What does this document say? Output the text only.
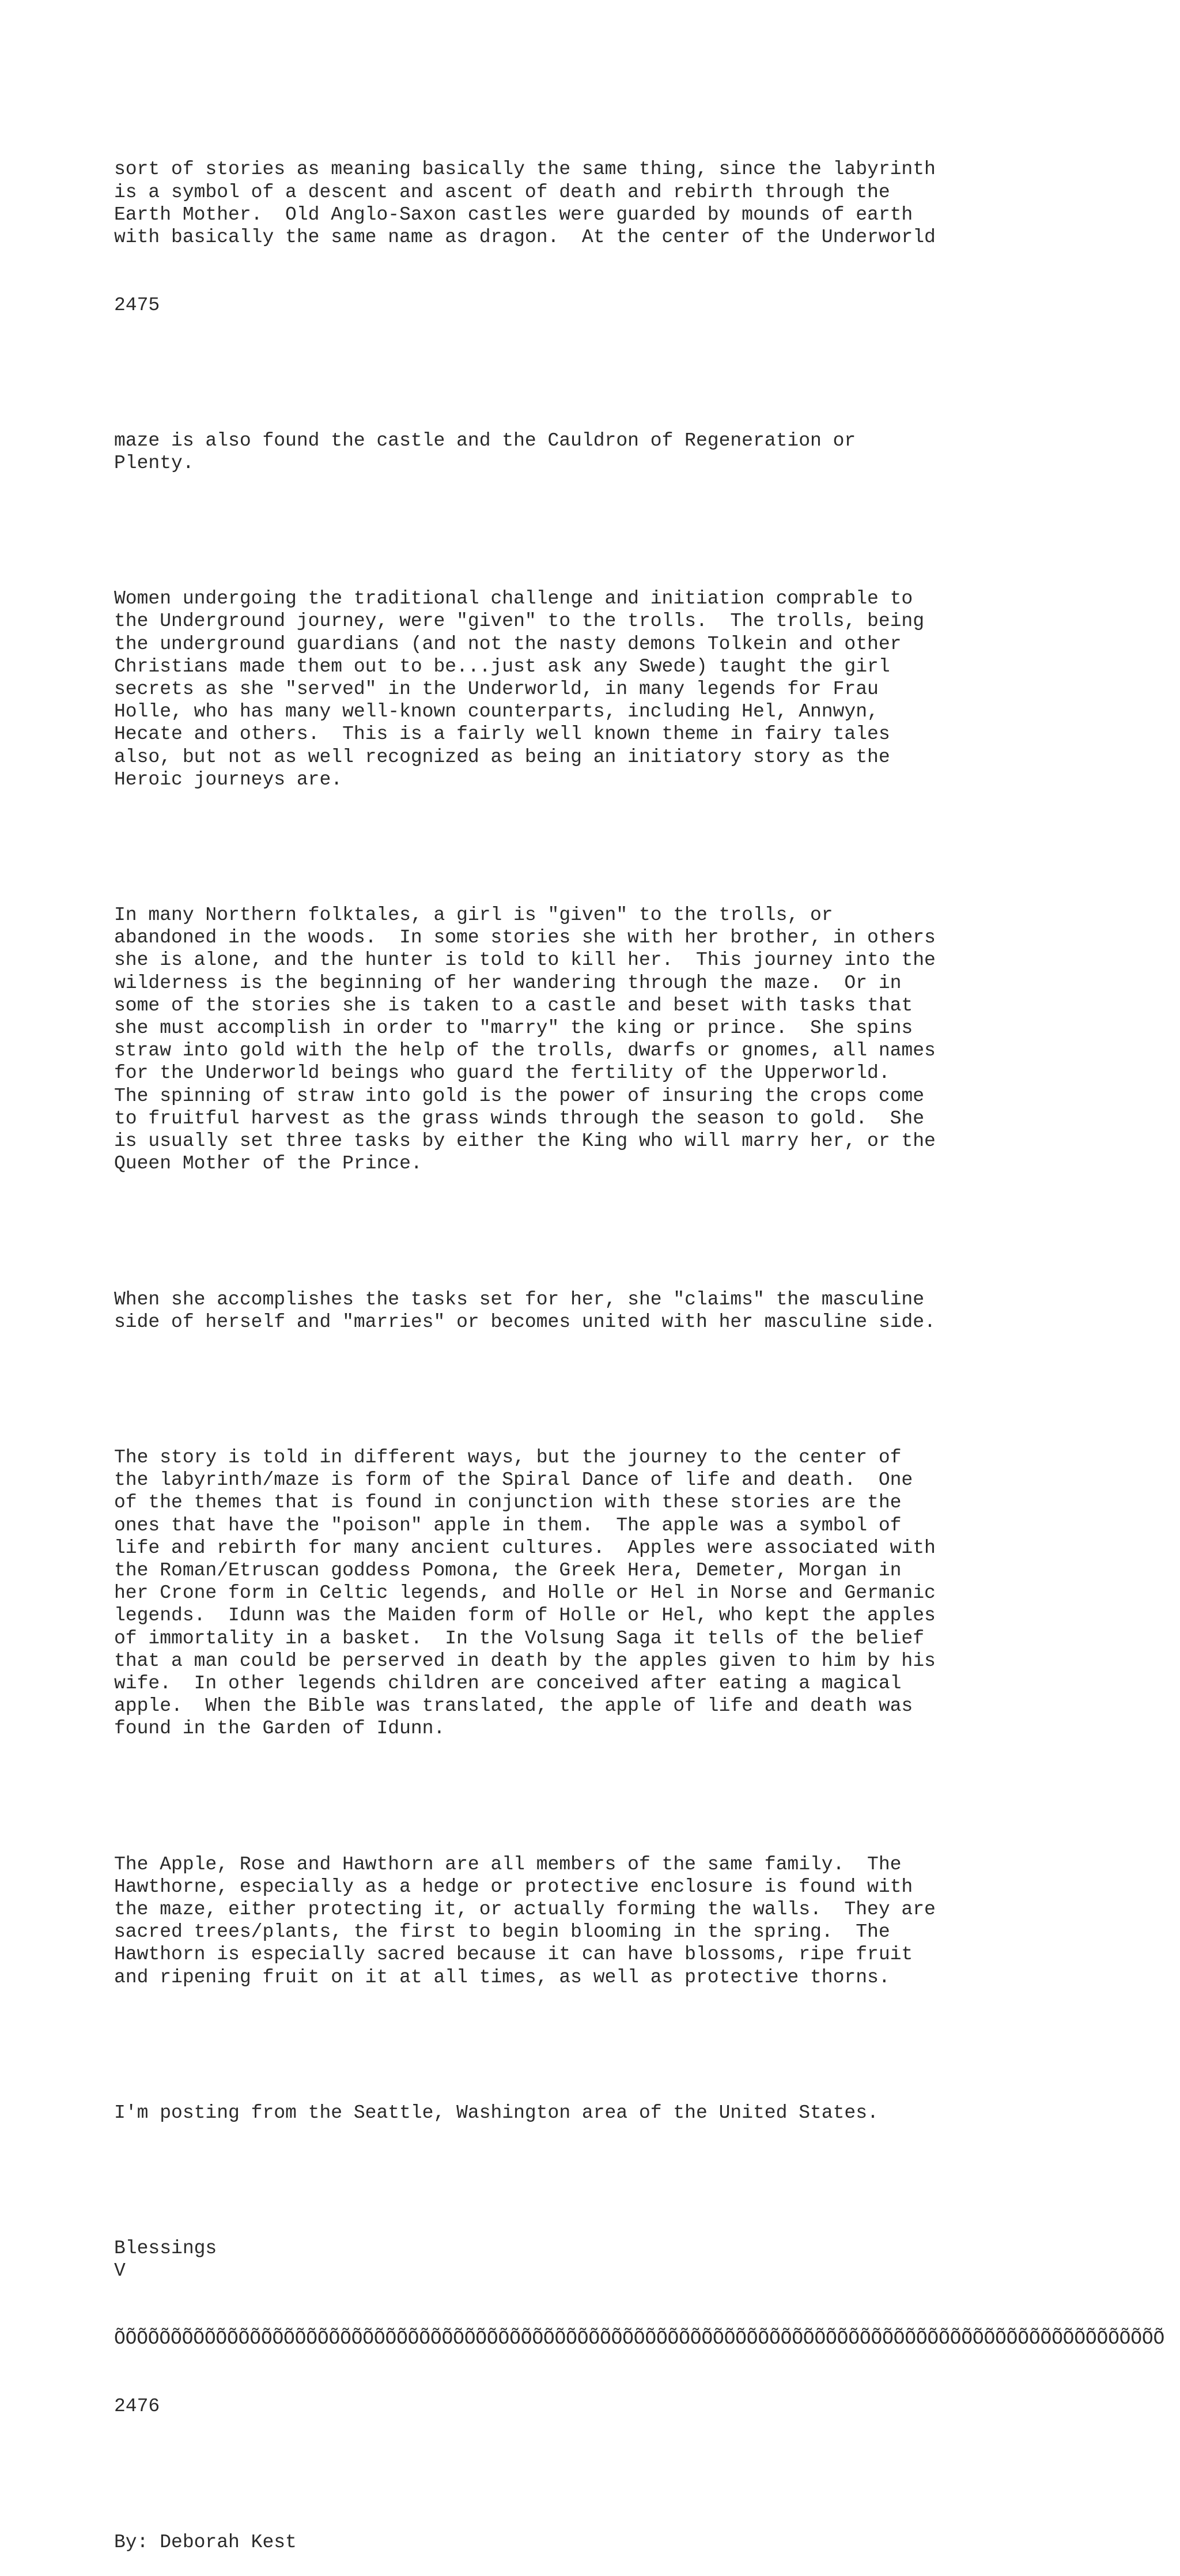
sort of stories as meaning basically the same thing, since the labyrinth
is a symbol of a descent and ascent of death and rebirth through the
Earth Mother.  Old Anglo-Saxon castles were guarded by mounds of earth
with basically the same name as dragon.  At the center of the Underworld

2475

maze is also found the castle and the Cauldron of Regeneration or
Plenty.

Women undergoing the traditional challenge and initiation comprable to
the Underground journey, were "given" to the trolls.  The trolls, being
the underground guardians (and not the nasty demons Tolkein and other
Christians made them out to be...just ask any Swede) taught the girl
secrets as she "served" in the Underworld, in many legends for Frau
Holle, who has many well-known counterparts, including Hel, Annwyn,
Hecate and others.  This is a fairly well known theme in fairy tales
also, but not as well recognized as being an initiatory story as the
Heroic journeys are.

In many Northern folktales, a girl is "given" to the trolls, or
abandoned in the woods.  In some stories she with her brother, in others
she is alone, and the hunter is told to kill her.  This journey into the
wilderness is the beginning of her wandering through the maze.  Or in
some of the stories she is taken to a castle and beset with tasks that
she must accomplish in order to "marry" the king or prince.  She spins
straw into gold with the help of the trolls, dwarfs or gnomes, all names
for the Underworld beings who guard the fertility of the Upperworld.
The spinning of straw into gold is the power of insuring the crops come
to fruitful harvest as the grass winds through the season to gold.  She
is usually set three tasks by either the King who will marry her, or the
Queen Mother of the Prince.

When she accomplishes the tasks set for her, she "claims" the masculine
side of herself and "marries" or becomes united with her masculine side.

The story is told in different ways, but the journey to the center of
the labyrinth/maze is form of the Spiral Dance of life and death.  One
of the themes that is found in conjunction with these stories are the
ones that have the "poison" apple in them.  The apple was a symbol of
life and rebirth for many ancient cultures.  Apples were associated with
the Roman/Etruscan goddess Pomona, the Greek Hera, Demeter, Morgan in
her Crone form in Celtic legends, and Holle or Hel in Norse and Germanic
legends.  Idunn was the Maiden form of Holle or Hel, who kept the apples
of immortality in a basket.  In the Volsung Saga it tells of the belief
that a man could be perserved in death by the apples given to him by his
wife.  In other legends children are conceived after eating a magical
apple.  When the Bible was translated, the apple of life and death was
found in the Garden of Idunn.

The Apple, Rose and Hawthorn are all members of the same family.  The
Hawthorne, especially as a hedge or protective enclosure is found with
the maze, either protecting it, or actually forming the walls.  They are
sacred trees/plants, the first to begin blooming in the spring.  The
Hawthorn is especially sacred because it can have blossoms, ripe fruit
and ripening fruit on it at all times, as well as protective thorns.

I'm posting from the Seattle, Washington area of the United States.

Blessings
V

ÕÕÕÕÕÕÕÕÕÕÕÕÕÕÕÕÕÕÕÕÕÕÕÕÕÕÕÕÕÕÕÕÕÕÕÕÕÕÕÕÕÕÕÕÕÕÕÕÕÕÕÕÕÕÕÕÕÕÕÕÕÕÕÕÕÕÕÕÕÕÕÕÕÕÕÕÕÕÕÕÕÕÕÕÕÕÕÕÕÕÕÕÕ

2476

By: Deborah Kest
